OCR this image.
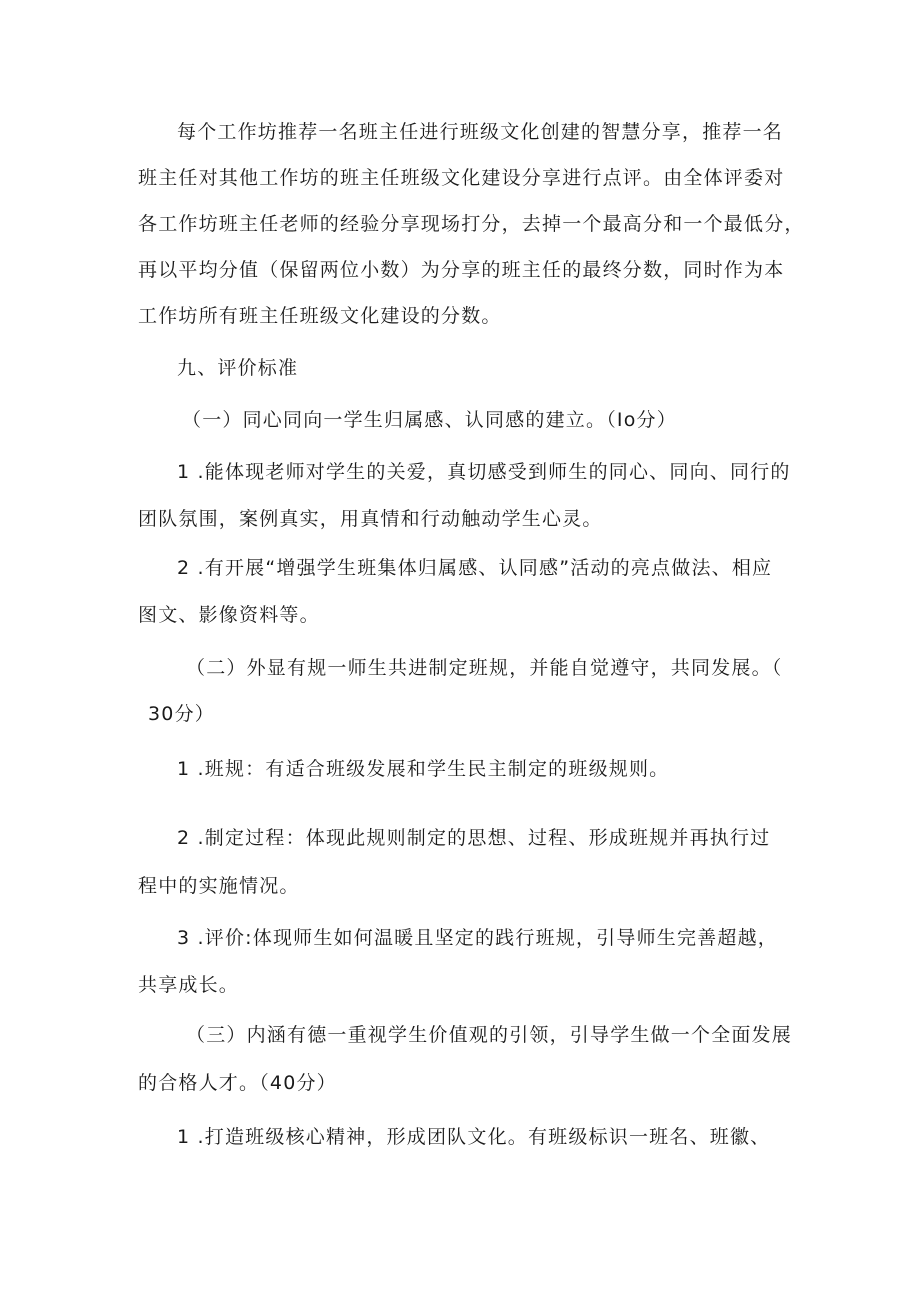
每个工作坊推荐一名班主任进行班级文化创建的智慧分享，推荐一名

班主任对其他工作坊的班主任班级文化建设分享进行点评。由全体评委对

各工作坊班主任老师的经验分享现场打分，去掉一个最高分和一个最低分，

再以平均分值（保留两位小数）为分享的班主任的最终分数，同时作为本

工作坊所有班主任班级文化建设的分数。

九、评价标准

（一）同心同向一学生归属感、认同感的建立。（Io分）

1 .能体现老师对学生的关爱，真切感受到师生的同心、同向、同行的

团队氛围，案例真实，用真情和行动触动学生心灵。

2 .有开展“增强学生班集体归属感、认同感”活动的亮点做法、相应

图文、影像资料等。

（二）外显有规一师生共进制定班规，并能自觉遵守，共同发展。（

30分）

1 .班规：有适合班级发展和学生民主制定的班级规则。

2 .制定过程：体现此规则制定的思想、过程、形成班规并再执行过

程中的实施情况。

3 .评价:体现师生如何温暖且坚定的践行班规，引导师生完善超越，

共享成长。

（三）内涵有德一重视学生价值观的引领，引导学生做一个全面发展

的合格人才。（40分）

1 .打造班级核心精神，形成团队文化。有班级标识一班名、班徽、
